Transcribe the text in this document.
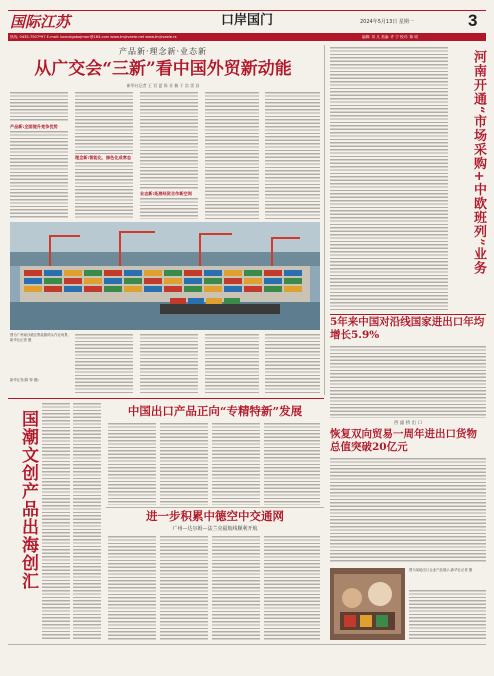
国际江苏	口岸国门	2024年5月13日 星期一	3
热线: 0435-7507*97 E-mail: bornzlgabojmarr@163.com www.tmjrvaeie.net www.tmjrvaeie.rs	编辑: 刘 凡 美编: 许 宁 校对: 陈 明
产品新·理念新·业态新
从广交会“三新”看中国外贸新动能
新华社记者 王 君 夏 陈 亚 楠 于 浩 雷 昌
产品新:全面提升竞争优势
理念新:智能化、绿色化成常态
业态新:拓展经贸合作新空间
图为广州南沙港区集装箱码头作业场景,新华社记者 摄
新华社发(陈 铎 摄)
河南开通“市场采购+中欧班列”业务
5年来中国对沿线国家进出口年均增长5.9%
西 滤 桥 出 口
恢复双向贸易一周年进出口货物总值突破20亿元
图为某地出口企业产品展示,新华社记者 摄
国潮文创产品出海创汇	中国出口产品正向“专精特新”发展
进一步积累中德空中交通网
广州—达尔姆—法兰克福航线顺利开航
